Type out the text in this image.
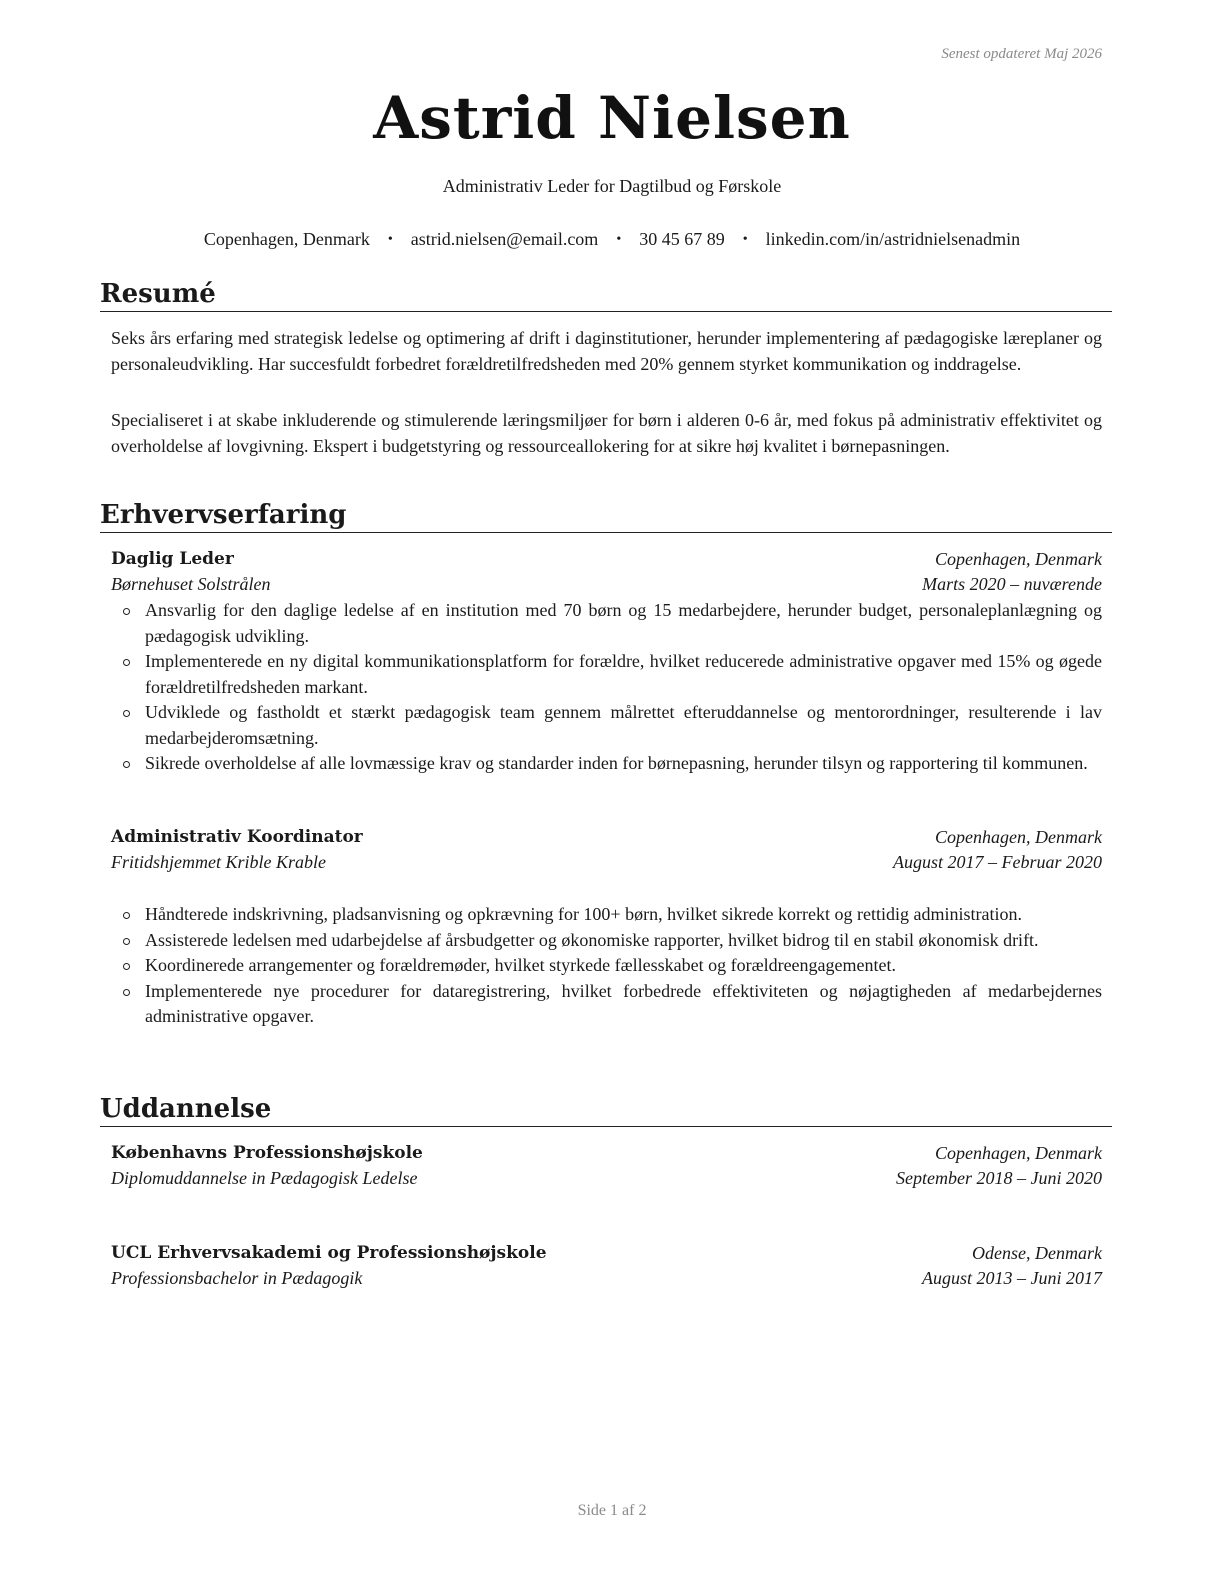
Senest opdateret Maj 2026
Astrid Nielsen
Administrativ Leder for Dagtilbud og Førskole
Copenhagen, Denmark • astrid.nielsen@email.com • 30 45 67 89 • linkedin.com/in/astridnielsenadmin
Resumé
Seks års erfaring med strategisk ledelse og optimering af drift i daginstitutioner, herunder implementering af pædagogiske læreplaner og personaleudvikling. Har succesfuldt forbedret forældretilfredsheden med 20% gennem styrket kommunikation og inddragelse.
Specialiseret i at skabe inkluderende og stimulerende læringsmiljøer for børn i alderen 0-6 år, med fokus på administrativ effektivitet og overholdelse af lovgivning. Ekspert i budgetstyring og ressourceallokering for at sikre høj kvalitet i børnepasningen.
Erhvervserfaring
Daglig Leder	Copenhagen, Denmark
Børnehuset Solstrålen	Marts 2020 – nuværende
Ansvarlig for den daglige ledelse af en institution med 70 børn og 15 medarbejdere, herunder budget, personaleplanlægning og pædagogisk udvikling.
Implementerede en ny digital kommunikationsplatform for forældre, hvilket reducerede administrative opgaver med 15% og øgede forældretilfredsheden markant.
Udviklede og fastholdt et stærkt pædagogisk team gennem målrettet efteruddannelse og mentorordninger, resulterende i lav medarbejderomsætning.
Sikrede overholdelse af alle lovmæssige krav og standarder inden for børnepasning, herunder tilsyn og rapportering til kommunen.
Administrativ Koordinator	Copenhagen, Denmark
Fritidshjemmet Krible Krable	August 2017 – Februar 2020
Håndterede indskrivning, pladsanvisning og opkrævning for 100+ børn, hvilket sikrede korrekt og rettidig administration.
Assisterede ledelsen med udarbejdelse af årsbudgetter og økonomiske rapporter, hvilket bidrog til en stabil økonomisk drift.
Koordinerede arrangementer og forældremøder, hvilket styrkede fællesskabet og forældreengagementet.
Implementerede nye procedurer for dataregistrering, hvilket forbedrede effektiviteten og nøjagtigheden af medarbejdernes administrative opgaver.
Uddannelse
Københavns Professionshøjskole	Copenhagen, Denmark
Diplomuddannelse in Pædagogisk Ledelse	September 2018 – Juni 2020
UCL Erhvervsakademi og Professionshøjskole	Odense, Denmark
Professionsbachelor in Pædagogik	August 2013 – Juni 2017
Side 1 af 2
